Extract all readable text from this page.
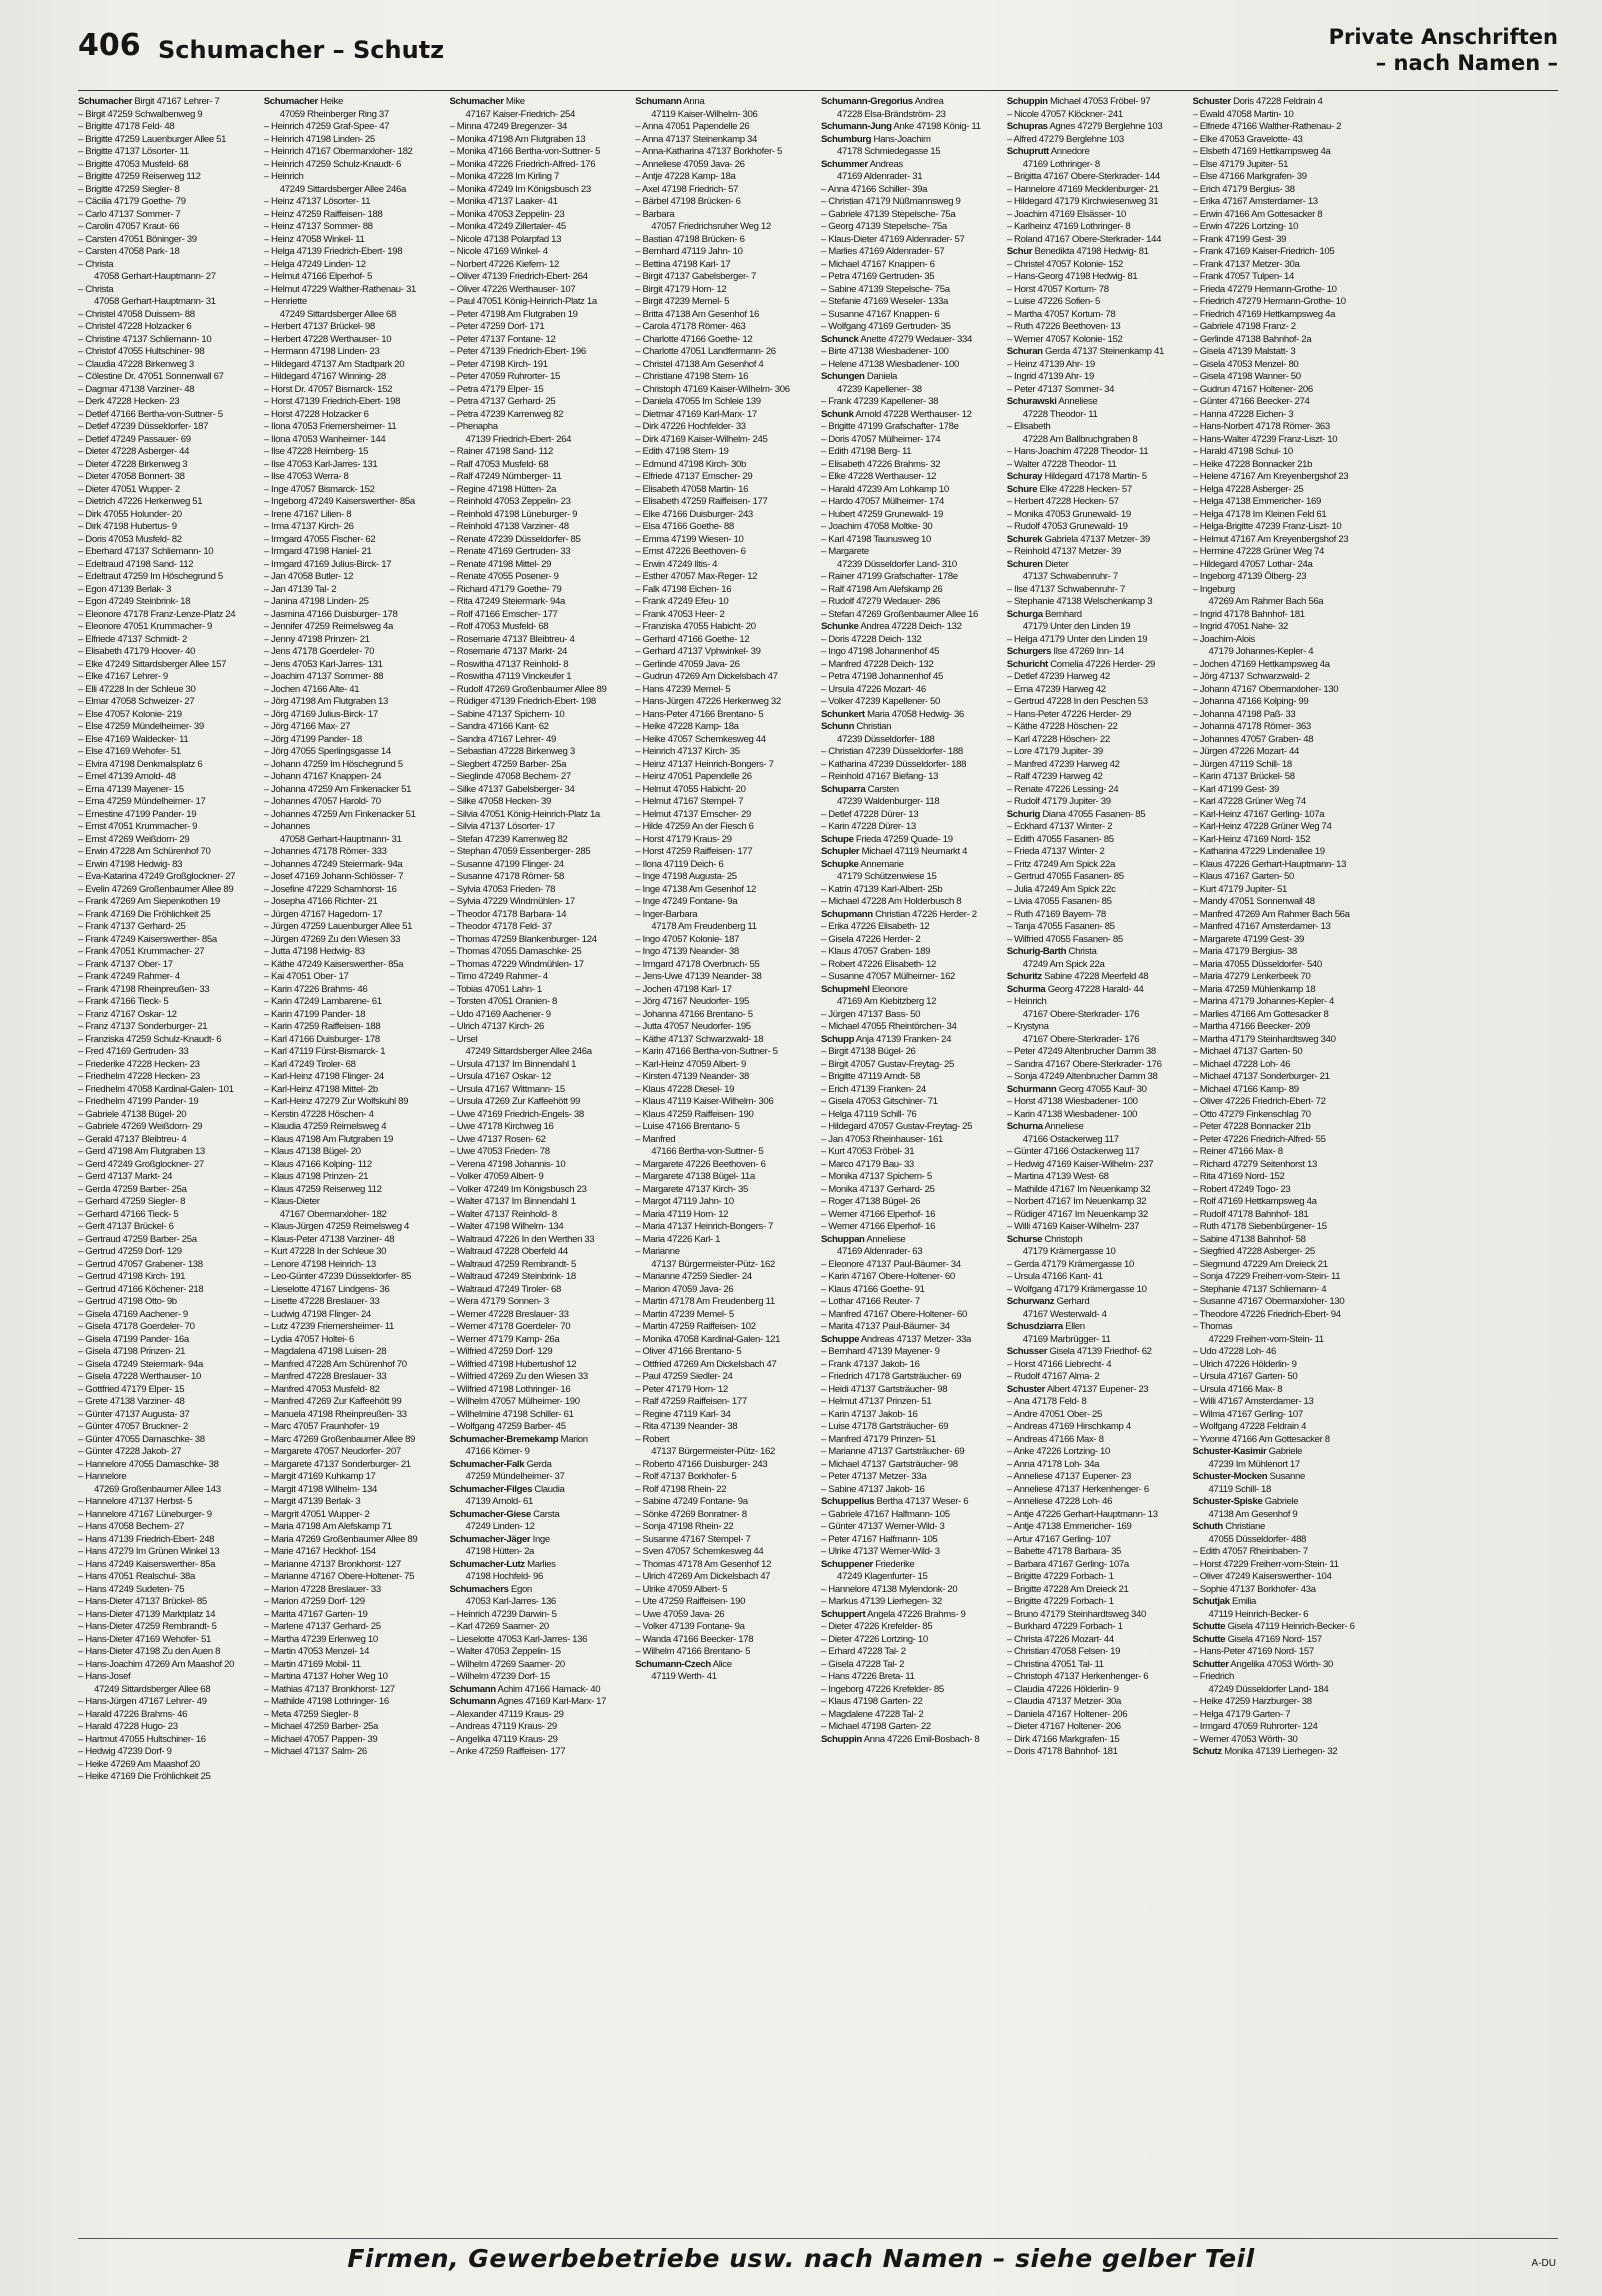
406 Schumacher – Schutz	Private Anschriften
– nach Namen –
Schumacher Birgit 47167 Lehrer- 7
– Birgit 47259 Schwalbenweg 9
– Brigitte 47178 Feld- 48
– Brigitte 47259 Lauenburger Allee 51
– Brigitte 47137 Lösorter- 11
– Brigitte 47053 Musfeld- 68
– Brigitte 47259 Reiserweg 112
– Brigitte 47259 Siegler- 8
– Cäcilia 47179 Goethe- 79
– Carlo 47137 Sommer- 7
– Carolin 47057 Kraut- 66
– Carsten 47051 Böninger- 39
– Carsten 47058 Park- 18
– Christa
47058 Gerhart-Hauptmann- 27
– Christa
47058 Gerhart-Hauptmann- 31
– Christel 47058 Duissern- 88
– Christel 47228 Holzacker 6
– Christine 47137 Schliemann- 10
– Christof 47055 Hultschiner- 98
– Claudia 47228 Birkenweg 3
– Cölestine Dr. 47051 Sonnenwall 67
– Dagmar 47138 Varziner- 48
– Derk 47228 Hecken- 23
– Detlef 47166 Bertha-von-Suttner- 5
– Detlef 47239 Düsseldorfer- 187
– Detlef 47249 Passauer- 69
– Dieter 47228 Asberger- 44
– Dieter 47228 Birkenweg 3
– Dieter 47058 Bonnert- 38
– Dieter 47051 Wupper- 2
– Dietrich 47226 Herkenweg 51
– Dirk 47055 Holunder- 20
– Dirk 47198 Hubertus- 9
– Doris 47053 Musfeld- 82
– Eberhard 47137 Schliemann- 10
– Edeltraud 47198 Sand- 112
– Edeltraut 47259 Im Höschegrund 5
– Egon 47139 Berlak- 3
– Egon 47249 Steinbrink- 18
– Eleonore 47178 Franz-Lenze-Platz 24
– Eleonore 47051 Krummacher- 9
– Elfriede 47137 Schmidt- 2
– Elisabeth 47179 Hoover- 40
– Elke 47249 Sittardsberger Allee 157
– Elke 47167 Lehrer- 9
– Elli 47228 In der Schleue 30
– Elmar 47058 Schweizer- 27
– Else 47057 Kolonie- 219
– Else 47259 Mündelheimer- 39
– Else 47169 Waldecker- 11
– Else 47169 Wehofer- 51
– Elvira 47198 Denkmalsplatz 6
– Emel 47139 Arnold- 48
– Erna 47139 Mayener- 15
– Erna 47259 Mündelheimer- 17
– Ernestine 47199 Pander- 19
– Ernst 47051 Krummacher- 9
– Ernst 47269 Weißdorn- 29
– Erwin 47228 Am Schürenhof 70
– Erwin 47198 Hedwig- 83
– Eva-Katarina 47249 Großglockner- 27
– Evelin 47269 Großenbaumer Allee 89
– Frank 47269 Am Siepenkothen 19
– Frank 47169 Die Fröhlichkeit 25
– Frank 47137 Gerhard- 25
– Frank 47249 Kaiserswerther- 85a
– Frank 47051 Krummacher- 27
– Frank 47137 Ober- 17
– Frank 47249 Rahmer- 4
– Frank 47198 Rheinpreußen- 33
– Frank 47166 Tieck- 5
– Franz 47167 Oskar- 12
– Franz 47137 Sonderburger- 21
– Franziska 47259 Schulz-Knaudt- 6
– Fred 47169 Gertruden- 33
– Friederike 47228 Hecken- 23
– Friedhelm 47228 Hecken- 23
– Friedhelm 47058 Kardinal-Galen- 101
– Friedhelm 47199 Pander- 19
– Gabriele 47138 Bügel- 20
– Gabriele 47269 Weißdorn- 29
– Gerald 47137 Bleibtreu- 4
– Gerd 47198 Am Flutgraben 13
– Gerd 47249 Großglockner- 27
– Gerd 47137 Markt- 24
– Gerda 47259 Barber- 25a
– Gerhard 47259 Siegler- 8
– Gerhard 47166 Tieck- 5
– Gerlt 47137 Brückel- 6
– Gertraud 47259 Barber- 25a
– Gertrud 47259 Dorf- 129
– Gertrud 47057 Grabener- 138
– Gertrud 47198 Kirch- 191
– Gertrud 47166 Köchener- 218
– Gertrud 47198 Otto- 9b
– Gisela 47169 Aachener- 9
– Gisela 47178 Goerdeler- 70
– Gisela 47199 Pander- 16a
– Gisela 47198 Prinzen- 21
– Gisela 47249 Steiermark- 94a
– Gisela 47228 Werthauser- 10
– Gottfried 47179 Elper- 15
– Grete 47138 Varziner- 48
– Günter 47137 Augusta- 37
– Günter 47057 Bruckner- 2
– Günter 47055 Damaschke- 38
– Günter 47228 Jakob- 27
– Hannelore 47055 Damaschke- 38
– Hannelore
47269 Großenbaumer Allee 143
– Hannelore 47137 Herbst- 5
– Hannelore 47167 Lüneburger- 9
– Hans 47058 Bechem- 27
– Hans 47139 Friedrich-Ebert- 248
– Hans 47279 Im Grünen Winkel 13
– Hans 47249 Kaiserswerther- 85a
– Hans 47051 Realschul- 38a
– Hans 47249 Sudeten- 75
– Hans-Dieter 47137 Brückel- 85
– Hans-Dieter 47139 Marktplatz 14
– Hans-Dieter 47259 Rembrandt- 5
– Hans-Dieter 47169 Wehofer- 51
– Hans-Dieter 47198 Zu den Auen 8
– Hans-Joachim 47269 Am Maashof 20
– Hans-Josef
47249 Sittardsberger Allee 68
– Hans-Jürgen 47167 Lehrer- 49
– Harald 47226 Brahms- 46
– Harald 47228 Hugo- 23
– Hartmut 47055 Hultschiner- 16
– Hedwig 47239 Dorf- 9
– Heike 47269 Am Maashof 20
– Heike 47169 Die Fröhlichkeit 25
Schumacher Heike
47059 Rheinberger Ring 37
– Heinrich 47259 Graf-Spee- 47
– Heinrich 47198 Linden- 25
– Heinrich 47167 Obermarxloher- 182
– Heinrich 47259 Schulz-Knaudt- 6
– Heinrich
47249 Sittardsberger Allee 246a
– Heinz 47137 Lösorter- 11
– Heinz 47259 Raiffeisen- 188
– Heinz 47137 Sommer- 88
– Heinz 47058 Winkel- 11
– Helga 47139 Friedrich-Ebert- 198
– Helga 47249 Linden- 12
– Helmut 47166 Elperhof- 5
– Helmut 47229 Walther-Rathenau- 31
– Henriette
47249 Sittardsberger Allee 68
– Herbert 47137 Brückel- 98
– Herbert 47228 Werthauser- 10
– Hermann 47198 Linden- 23
– Hildegard 47137 Am Stadtpark 20
– Hildegard 47167 Winning- 28
– Horst Dr. 47057 Bismarck- 152
– Horst 47139 Friedrich-Ebert- 198
– Horst 47228 Holzacker 6
– Ilona 47053 Friemersheimer- 11
– Ilona 47053 Wanheimer- 144
– Ilse 47228 Heimberg- 15
– Ilse 47053 Karl-Jarres- 131
– Ilse 47053 Werra- 8
– Inge 47057 Bismarck- 152
– Ingeborg 47249 Kaiserswerther- 85a
– Irene 47167 Lilien- 8
– Irma 47137 Kirch- 26
– Irmgard 47055 Fischer- 62
– Irmgard 47198 Haniel- 21
– Irmgard 47169 Julius-Birck- 17
– Jan 47058 Butler- 12
– Jan 47139 Tal- 2
– Janina 47198 Linden- 25
– Jasmina 47166 Duisburger- 178
– Jennifer 47259 Reimelsweg 4a
– Jenny 47198 Prinzen- 21
– Jens 47178 Goerdeler- 70
– Jens 47053 Karl-Jarres- 131
– Joachim 47137 Sommer- 88
– Jochen 47166 Alte- 41
– Jörg 47198 Am Flutgraben 13
– Jörg 47169 Julius-Birck- 17
– Jörg 47166 Max- 27
– Jörg 47199 Pander- 18
– Jörg 47055 Sperlingsgasse 14
– Johann 47259 Im Höschegrund 5
– Johann 47167 Knappen- 24
– Johanna 47259 Am Finkenacker 51
– Johannes 47057 Harold- 70
– Johannes 47259 Am Finkenacker 51
– Johannes
47058 Gerhart-Hauptmann- 31
– Johannes 47178 Römer- 333
– Johannes 47249 Steiermark- 94a
– Josef 47169 Johann-Schlösser- 7
– Josefine 47229 Scharnhorst- 16
– Josepha 47166 Richter- 21
– Jürgen 47167 Hagedorn- 17
– Jürgen 47259 Lauenburger Allee 51
– Jürgen 47269 Zu den Wiesen 33
– Jutta 47198 Hedwig- 83
– Käthe 47249 Kaiserswerther- 85a
– Kai 47051 Ober- 17
– Karin 47226 Brahms- 46
– Karin 47249 Lambarene- 61
– Karin 47199 Pander- 18
– Karin 47259 Raiffeisen- 188
– Karl 47166 Duisburger- 178
– Karl 47119 Fürst-Bismarck- 1
– Karl 47249 Tiroler- 68
– Karl-Heinz 47198 Flinger- 24
– Karl-Heinz 47198 Mittel- 2b
– Karl-Heinz 47279 Zur Wolfskuhl 89
– Kerstin 47228 Höschen- 4
– Klaudia 47259 Reimelsweg 4
– Klaus 47198 Am Flutgraben 19
– Klaus 47138 Bügel- 20
– Klaus 47166 Kolping- 112
– Klaus 47198 Prinzen- 21
– Klaus 47259 Reiserweg 112
– Klaus-Dieter
47167 Obermarxloher- 182
– Klaus-Jürgen 47259 Reimelsweg 4
– Klaus-Peter 47138 Varziner- 48
– Kurt 47228 In der Schleue 30
– Lenore 47198 Heinrich- 13
– Leo-Günter 47239 Düsseldorfer- 85
– Lieselotte 47167 Lindgens- 36
– Lisette 47228 Breslauer- 33
– Ludwig 47198 Flinger- 24
– Lutz 47239 Friemersheimer- 11
– Lydia 47057 Holtei- 6
– Magdalena 47198 Luisen- 28
– Manfred 47228 Am Schürenhof 70
– Manfred 47228 Breslauer- 33
– Manfred 47053 Musfeld- 82
– Manfred 47269 Zur Kaffeehött 99
– Manuela 47198 Rheinpreußen- 33
– Marc 47057 Fraunhofer- 19
– Marc 47269 Großenbaumer Allee 89
– Margarete 47057 Neudorfer- 207
– Margarete 47137 Sonderburger- 21
– Margit 47169 Kuhkamp 17
– Margit 47198 Wilhelm- 134
– Margit 47139 Berlak- 3
– Margrit 47051 Wupper- 2
– Maria 47198 Am Alefskamp 71
– Maria 47269 Großenbaumer Allee 89
– Marie 47167 Heckhof- 154
– Marianne 47137 Bronkhorst- 127
– Marianne 47167 Obere-Holtener- 75
– Marion 47228 Breslauer- 33
– Marion 47259 Dorf- 129
– Marita 47167 Garten- 19
– Marlene 47137 Gerhard- 25
– Martha 47239 Erlenweg 10
– Martin 47053 Menzel- 14
– Martin 47169 Mobil- 11
– Martina 47137 Hoher Weg 10
– Mathias 47137 Bronkhorst- 127
– Mathilde 47198 Lothringer- 16
– Meta 47259 Siegler- 8
– Michael 47259 Barber- 25a
– Michael 47057 Pappen- 39
– Michael 47137 Salm- 26
Schumacher Mike
47167 Kaiser-Friedrich- 254
– Minna 47249 Bregenzer- 34
– Monika 47198 Am Flutgraben 13
– Monika 47166 Bertha-von-Suttner- 5
– Monika 47226 Friedrich-Alfred- 176
– Monika 47228 Im Kirling 7
– Monika 47249 Im Königsbusch 23
– Monika 47137 Laaker- 41
– Monika 47053 Zeppelin- 23
– Monika 47249 Zillertaler- 45
– Nicole 47138 Polarpfad 13
– Nicole 47169 Winkel- 4
– Norbert 47226 Kiefern- 12
– Oliver 47139 Friedrich-Ebert- 264
– Oliver 47226 Werthauser- 107
– Paul 47051 König-Heinrich-Platz 1a
– Peter 47198 Am Flutgraben 19
– Peter 47259 Dorf- 171
– Peter 47137 Fontane- 12
– Peter 47139 Friedrich-Ebert- 196
– Peter 47198 Kirch- 191
– Peter 47059 Ruhrorter- 15
– Petra 47179 Elper- 15
– Petra 47137 Gerhard- 25
– Petra 47239 Karrenweg 82
– Phenapha
47139 Friedrich-Ebert- 264
– Rainer 47198 Sand- 112
– Ralf 47053 Musfeld- 68
– Ralf 47249 Nürnberger- 11
– Regine 47198 Hütten- 2a
– Reinhold 47053 Zeppelin- 23
– Reinhold 47198 Lüneburger- 9
– Reinhold 47138 Varziner- 48
– Renate 47239 Düsseldorfer- 85
– Renate 47169 Gertruden- 33
– Renate 47198 Mittel- 29
– Renate 47055 Posener- 9
– Richard 47179 Goethe- 79
– Rita 47249 Steiermark- 94a
– Rolf 47166 Emscher- 177
– Rolf 47053 Musfeld- 68
– Rosemarie 47137 Bleibtreu- 4
– Rosemarie 47137 Markt- 24
– Roswitha 47137 Reinhold- 8
– Roswitha 47119 Vinckeufer 1
– Rudolf 47269 Großenbaumer Allee 89
– Rüdiger 47139 Friedrich-Ebert- 198
– Sabine 47137 Spichern- 10
– Sandra 47166 Kant- 62
– Sandra 47167 Lehrer- 49
– Sebastian 47228 Birkenweg 3
– Siegbert 47259 Barber- 25a
– Sieglinde 47058 Bechem- 27
– Silke 47137 Gabelsberger- 34
– Silke 47058 Hecken- 39
– Silvia 47051 König-Heinrich-Platz 1a
– Silvia 47137 Lösorter- 17
– Stefan 47239 Karrenweg 82
– Stephan 47059 Essenberger- 285
– Susanne 47199 Flinger- 24
– Susanne 47178 Römer- 58
– Sylvia 47053 Frieden- 78
– Sylvia 47229 Windmühlen- 17
– Theodor 47178 Barbara- 14
– Theodor 47178 Feld- 37
– Thomas 47259 Blankenburger- 124
– Thomas 47055 Damaschke- 25
– Thomas 47229 Windmühlen- 17
– Timo 47249 Rahmer- 4
– Tobias 47051 Lahn- 1
– Torsten 47051 Oranien- 8
– Udo 47169 Aachener- 9
– Ulrich 47137 Kirch- 26
– Ursel
47249 Sittardsberger Allee 246a
– Ursula 47137 Im Binnendahl 1
– Ursula 47167 Oskar- 12
– Ursula 47167 Wittmann- 15
– Ursula 47269 Zur Kaffeehött 99
– Uwe 47169 Friedrich-Engels- 38
– Uwe 47178 Kirchweg 16
– Uwe 47137 Rosen- 62
– Uwe 47053 Frieden- 78
– Verena 47198 Johannis- 10
– Volker 47059 Albert- 9
– Volker 47249 Im Königsbusch 23
– Walter 47137 Im Binnendahl 1
– Walter 47137 Reinhold- 8
– Walter 47198 Wilhelm- 134
– Waltraud 47226 In den Werthen 33
– Waltraud 47228 Oberfeld 44
– Waltraud 47259 Rembrandt- 5
– Waltraud 47249 Steinbrink- 18
– Waltraud 47249 Tiroler- 68
– Wera 47179 Sonnen- 3
– Werner 47228 Breslauer- 33
– Werner 47178 Goerdeler- 70
– Werner 47179 Kamp- 26a
– Wilfried 47259 Dorf- 129
– Wilfried 47198 Hubertushof 12
– Wilfried 47269 Zu den Wiesen 33
– Wilfried 47198 Lothringer- 16
– Wilhelm 47057 Mülheimer- 190
– Wilhelmine 47198 Schiller- 61
– Wolfgang 47259 Barber- 45
Schumacher-Bremekamp Marion
47166 Körner- 9
Schumacher-Falk Gerda
47259 Mündelheimer- 37
Schumacher-Filges Claudia
47139 Arnold- 61
Schumacher-Giese Carsta
47249 Linden- 12
Schumacher-Jäger Inge
47198 Hütten- 2a
Schumacher-Lutz Marlies
47198 Hochfeld- 96
Schumachers Egon
47053 Karl-Jarres- 136
– Heinrich 47239 Darwin- 5
– Karl 47269 Saarner- 20
– Lieselotte 47053 Karl-Jarres- 136
– Walter 47053 Zeppelin- 15
– Wilhelm 47269 Saarner- 20
– Wilhelm 47239 Dorf- 15
Schumann Achim 47166 Hamack- 40
Schumann Agnes 47169 Karl-Marx- 17
– Alexander 47119 Kraus- 29
– Andreas 47119 Kraus- 29
– Angelika 47119 Kraus- 29
– Anke 47259 Raiffeisen- 177
Schumann Anna
47119 Kaiser-Wilhelm- 306
– Anna 47051 Papendelle 26
– Anna 47137 Steinenkamp 34
– Anna-Katharina 47137 Borkhofer- 5
– Anneliese 47059 Java- 26
– Antje 47228 Kamp- 18a
– Axel 47198 Friedrich- 57
– Bärbel 47198 Brücken- 6
– Barbara
47057 Friedrichsruher Weg 12
– Bastian 47198 Brücken- 6
– Bernhard 47119 Jahn- 10
– Bettina 47198 Karl- 17
– Birgit 47137 Gabelsberger- 7
– Birgit 47179 Horn- 12
– Birgit 47239 Memel- 5
– Britta 47138 Am Gesenhof 16
– Carola 47178 Römer- 463
– Charlotte 47166 Goethe- 12
– Charlotte 47051 Landfermann- 26
– Christel 47138 Am Gesenhof 4
– Christiane 47198 Stern- 16
– Christoph 47169 Kaiser-Wilhelm- 306
– Daniela 47055 Im Schleie 139
– Dietmar 47169 Karl-Marx- 17
– Dirk 47226 Hochfelder- 33
– Dirk 47169 Kaiser-Wilhelm- 245
– Edith 47198 Stern- 19
– Edmund 47198 Kirch- 30b
– Elfriede 47137 Emscher- 29
– Elisabeth 47058 Martin- 16
– Elisabeth 47259 Raiffeisen- 177
– Elke 47166 Duisburger- 243
– Elsa 47166 Goethe- 88
– Emma 47199 Wiesen- 10
– Ernst 47226 Beethoven- 6
– Erwin 47249 Iltis- 4
– Esther 47057 Max-Reger- 12
– Falk 47198 Eichen- 16
– Frank 47249 Efeu- 10
– Frank 47053 Heer- 2
– Franziska 47055 Habicht- 20
– Gerhard 47166 Goethe- 12
– Gerhard 47137 Vphwinkel- 39
– Gerlinde 47059 Java- 26
– Gudrun 47269 Am Dickelsbach 47
– Hans 47239 Memel- 5
– Hans-Jürgen 47226 Herkenweg 32
– Hans-Peter 47166 Brentano- 5
– Heike 47228 Kamp- 18a
– Heike 47057 Schemkesweg 44
– Heinrich 47137 Kirch- 35
– Heinz 47137 Heinrich-Bongers- 7
– Heinz 47051 Papendelle 26
– Helmut 47055 Habicht- 20
– Helmut 47167 Stempel- 7
– Helmut 47137 Emscher- 29
– Hilde 47259 An der Fiesch 6
– Horst 47179 Kraus- 29
– Horst 47259 Raiffeisen- 177
– Ilona 47119 Deich- 6
– Inge 47198 Augusta- 25
– Inge 47138 Am Gesenhof 12
– Inge 47249 Fontane- 9a
– Inger-Barbara
47178 Am Freudenberg 11
– Ingo 47057 Kolonie- 187
– Ingo 47139 Neander- 38
– Irmgard 47178 Overbruch- 55
– Jens-Uwe 47139 Neander- 38
– Jochen 47198 Karl- 17
– Jörg 47167 Neudorfer- 195
– Johanna 47166 Brentano- 5
– Jutta 47057 Neudorfer- 195
– Käthe 47137 Schwarzwald- 18
– Karin 47166 Bertha-von-Suttner- 5
– Karl-Heinz 47059 Albert- 9
– Kirsten 47139 Neander- 38
– Klaus 47228 Diesel- 19
– Klaus 47119 Kaiser-Wilhelm- 306
– Klaus 47259 Raiffeisen- 190
– Luise 47166 Brentano- 5
– Manfred
47166 Bertha-von-Suttner- 5
– Margarete 47226 Beethoven- 6
– Margarete 47138 Bügel- 11a
– Margarete 47137 Kirch- 35
– Margot 47119 Jahn- 10
– Maria 47119 Horn- 12
– Maria 47137 Heinrich-Bongers- 7
– Maria 47226 Karl- 1
– Marianne
47137 Bürgermeister-Pütz- 162
– Marianne 47259 Siedler- 24
– Marion 47059 Java- 26
– Martin 47178 Am Freudenberg 11
– Martin 47239 Memel- 5
– Martin 47259 Raiffeisen- 102
– Monika 47058 Kardinal-Galen- 121
– Oliver 47166 Brentano- 5
– Ottfried 47269 Am Dickelsbach 47
– Paul 47259 Siedler- 24
– Peter 47179 Horn- 12
– Ralf 47259 Raiffeisen- 177
– Regine 47119 Karl- 34
– Rita 47139 Neander- 38
– Robert
47137 Bürgermeister-Pütz- 162
– Roberto 47166 Duisburger- 243
– Rolf 47137 Borkhofer- 5
– Rolf 47198 Rhein- 22
– Sabine 47249 Fontane- 9a
– Sönke 47269 Bonratner- 8
– Sonja 47198 Rhein- 22
– Susanne 47167 Stempel- 7
– Sven 47057 Schemkesweg 44
– Thomas 47178 Am Gesenhof 12
– Ulrich 47269 Am Dickelsbach 47
– Ulrike 47059 Albert- 5
– Ute 47259 Raiffeisen- 190
– Uwe 47059 Java- 26
– Volker 47139 Fontane- 9a
– Wanda 47166 Beecker- 178
– Wilhelm 47166 Brentano- 5
Schumann-Czech Alice
47119 Werth- 41
Schumann-Gregorius Andrea
47228 Elsa-Brändström- 23
Schumann-Jung Anke 47198 König- 11
Schumburg Hans-Joachim
47178 Schmiedegasse 15
Schummer Andreas
47169 Aldenrader- 31
– Anna 47166 Schiller- 39a
– Christian 47179 Nüßmannsweg 9
– Gabriele 47139 Stepelsche- 75a
– Georg 47139 Stepelsche- 75a
– Klaus-Dieter 47169 Aldenrader- 57
– Marlies 47169 Aldenrader- 57
– Michael 47167 Knappen- 6
– Petra 47169 Gertruden- 35
– Sabine 47139 Stepelsche- 75a
– Stefanie 47169 Weseler- 133a
– Susanne 47167 Knappen- 6
– Wolfgang 47169 Gertruden- 35
Schunck Anette 47279 Wedauer- 334
– Birte 47138 Wiesbadener- 100
– Helene 47138 Wiesbadener- 100
Schungen Daniela
47239 Kapellener- 38
– Frank 47239 Kapellener- 38
Schunk Arnold 47228 Werthauser- 12
– Brigitte 47199 Grafschafter- 178e
– Doris 47057 Mülheimer- 174
– Edith 47198 Berg- 11
– Elisabeth 47226 Brahms- 32
– Elke 47228 Werthauser- 12
– Harald 47239 Am Lohkamp 10
– Hardo 47057 Mülheimer- 174
– Hubert 47259 Grunewald- 19
– Joachim 47058 Moltke- 30
– Karl 47198 Taunusweg 10
– Margarete
47239 Düsseldorfer Land- 310
– Rainer 47199 Grafschafter- 178e
– Ralf 47198 Am Alefskamp 26
– Rudolf 47279 Wedauer- 286
– Stefan 47269 Großenbaumer Allee 16
Schunke Andrea 47228 Deich- 132
– Doris 47228 Deich- 132
– Ingo 47198 Johannenhof 45
– Manfred 47228 Deich- 132
– Petra 47198 Johannenhof 45
– Ursula 47226 Mozart- 46
– Volker 47239 Kapellener- 50
Schunkert Maria 47058 Hedwig- 36
Schunn Christian
47239 Düsseldorfer- 188
– Christian 47239 Düsseldorfer- 188
– Katharina 47239 Düsseldorfer- 188
– Reinhold 47167 Biefang- 13
Schuparra Carsten
47239 Waldenburger- 118
– Detlef 47228 Dürer- 13
– Karin 47228 Dürer- 13
Schupe Frieda 47259 Quade- 19
Schupler Michael 47119 Neumarkt 4
Schupke Annemarie
47179 Schützenwiese 15
– Katrin 47139 Karl-Albert- 25b
– Michael 47228 Am Holderbusch 8
Schupmann Christian 47226 Herder- 2
– Erika 47226 Elisabeth- 12
– Gisela 47226 Herder- 2
– Klaus 47057 Graben- 189
– Robert 47226 Elisabeth- 12
– Susanne 47057 Mülheimer- 162
Schupmehl Eleonore
47169 Am Kiebitzberg 12
– Jürgen 47137 Bass- 50
– Michael 47055 Rheintörchen- 34
Schupp Anja 47139 Franken- 24
– Birgit 47138 Bügel- 26
– Birgit 47057 Gustav-Freytag- 25
– Brigitte 47119 Arndt- 58
– Erich 47139 Franken- 24
– Gisela 47053 Gitschiner- 71
– Helga 47119 Schill- 76
– Hildegard 47057 Gustav-Freytag- 25
– Jan 47053 Rheinhauser- 161
– Kurt 47053 Fröbel- 31
– Marco 47179 Bau- 33
– Monika 47137 Spichern- 5
– Monika 47137 Gerhard- 25
– Roger 47138 Bügel- 26
– Werner 47166 Elperhof- 16
– Werner 47166 Elperhof- 16
Schuppan Anneliese
47169 Aldenrader- 63
– Eleonore 47137 Paul-Bäumer- 34
– Karin 47167 Obere-Holtener- 60
– Klaus 47166 Goethe- 91
– Lothar 47166 Reuter- 7
– Manfred 47167 Obere-Holtener- 60
– Marita 47137 Paul-Bäumer- 34
Schuppe Andreas 47137 Metzer- 33a
– Bernhard 47139 Mayener- 9
– Frank 47137 Jakob- 16
– Friedrich 47178 Gartsträucher- 69
– Heidi 47137 Gartsträucher- 98
– Helmut 47137 Prinzen- 51
– Karin 47137 Jakob- 16
– Luise 47178 Gartsträucher- 69
– Manfred 47179 Prinzen- 51
– Marianne 47137 Gartsträucher- 69
– Michael 47137 Gartsträucher- 98
– Peter 47137 Metzer- 33a
– Sabine 47137 Jakob- 16
Schuppelius Bertha 47137 Weser- 6
– Gabriele 47167 Halfmann- 105
– Günter 47137 Werner-Wild- 3
– Peter 47167 Halfmann- 105
– Ulrike 47137 Werner-Wild- 3
Schuppener Friederike
47249 Klagenfurter- 15
– Hannelore 47138 Mylendonk- 20
– Markus 47139 Lierhegen- 32
Schuppert Angela 47226 Brahms- 9
– Dieter 47226 Krefelder- 85
– Dieter 47226 Lortzing- 10
– Erhard 47228 Tal- 2
– Gisela 47228 Tal- 2
– Hans 47226 Breta- 11
– Ingeborg 47226 Krefelder- 85
– Klaus 47198 Garten- 22
– Magdalene 47228 Tal- 2
– Michael 47198 Garten- 22
Schuppin Anna 47226 Emil-Bosbach- 8
Schuppin Michael 47053 Fröbel- 97
– Nicole 47057 Klöckner- 241
Schupras Agnes 47279 Berglehne 103
– Alfred 47279 Berglehne 103
Schuprutt Annedore
47169 Lothringer- 8
– Brigitta 47167 Obere-Sterkrader- 144
– Hannelore 47169 Mecklenburger- 21
– Hildegard 47179 Kirchwiesenweg 31
– Joachim 47169 Elsässer- 10
– Karlheinz 47169 Lothringer- 8
– Roland 47167 Obere-Sterkrader- 144
Schur Benedikta 47198 Hedwig- 81
– Christel 47057 Kolonie- 152
– Hans-Georg 47198 Hedwig- 81
– Horst 47057 Kortum- 78
– Luise 47226 Sofien- 5
– Martha 47057 Kortum- 78
– Ruth 47226 Beethoven- 13
– Werner 47057 Kolonie- 152
Schuran Gerda 47137 Steinenkamp 41
– Heinz 47139 Ahr- 19
– Ingrid 47139 Ahr- 19
– Peter 47137 Sommer- 34
Schurawski Anneliese
47228 Theodor- 11
– Elisabeth
47228 Am Ballbruchgraben 8
– Hans-Joachim 47228 Theodor- 11
– Walter 47228 Theodor- 11
Schuray Hildegard 47178 Martin- 5
Schure Elke 47228 Hecken- 57
– Herbert 47228 Hecken- 57
– Monika 47053 Grunewald- 19
– Rudolf 47053 Grunewald- 19
Schurek Gabriela 47137 Metzer- 39
– Reinhold 47137 Metzer- 39
Schuren Dieter
47137 Schwabenruhr- 7
– Ilse 47137 Schwabenruhr- 7
– Stephanie 47138 Welschenkamp 3
Schurga Bernhard
47179 Unter den Linden 19
– Helga 47179 Unter den Linden 19
Schurgers Ilse 47269 Inn- 14
Schuricht Cornelia 47226 Herder- 29
– Detlef 47239 Harweg 42
– Erna 47239 Harweg 42
– Gertrud 47228 In den Peschen 53
– Hans-Peter 47226 Herder- 29
– Käthe 47228 Höschen- 22
– Karl 47228 Höschen- 22
– Lore 47179 Jupiter- 39
– Manfred 47239 Harweg 42
– Ralf 47239 Harweg 42
– Renate 47226 Lessing- 24
– Rudolf 47179 Jupiter- 39
Schurig Diana 47055 Fasanen- 85
– Eckhard 47137 Winter- 2
– Edith 47055 Fasanen- 85
– Frieda 47137 Winter- 2
– Fritz 47249 Am Spick 22a
– Gertrud 47055 Fasanen- 85
– Julia 47249 Am Spick 22c
– Livia 47055 Fasanen- 85
– Ruth 47169 Bayern- 78
– Tanja 47055 Fasanen- 85
– Wilfried 47055 Fasanen- 85
Schurig-Barth Christa
47249 Am Spick 22a
Schuritz Sabine 47228 Meerfeld 48
Schurma Georg 47228 Harald- 44
– Heinrich
47167 Obere-Sterkrader- 176
– Krystyna
47167 Obere-Sterkrader- 176
– Peter 47249 Altenbrucher Damm 38
– Sandra 47167 Obere-Sterkrader- 176
– Sonja 47249 Altenbrucher Damm 38
Schurmann Georg 47055 Kauf- 30
– Horst 47138 Wiesbadener- 100
– Karin 47138 Wiesbadener- 100
Schurna Anneliese
47166 Ostackerweg 117
– Günter 47166 Ostackerweg 117
– Hedwig 47169 Kaiser-Wilhelm- 237
– Martina 47139 West- 68
– Mathilde 47167 Im Neuenkamp 32
– Norbert 47167 Im Neuenkamp 32
– Rüdiger 47167 Im Neuenkamp 32
– Willi 47169 Kaiser-Wilhelm- 237
Schurse Christoph
47179 Krämergasse 10
– Gerda 47179 Krämergasse 10
– Ursula 47166 Kant- 41
– Wolfgang 47179 Krämergasse 10
Schurwanz Gerhard
47167 Westerwald- 4
Schusdziarra Ellen
47169 Marbrügger- 11
Schusser Gisela 47139 Friedhof- 62
– Horst 47166 Liebrecht- 4
– Rudolf 47167 Alma- 2
Schuster Albert 47137 Eupener- 23
– Ana 47178 Feld- 8
– Andre 47051 Ober- 25
– Andreas 47169 Hirschkamp 4
– Andreas 47166 Max- 8
– Anke 47226 Lortzing- 10
– Anna 47178 Loh- 34a
– Anneliese 47137 Eupener- 23
– Anneliese 47137 Herkenhenger- 6
– Anneliese 47228 Loh- 46
– Antje 47226 Gerhart-Hauptmann- 13
– Antje 47138 Emmericher- 169
– Artur 47167 Gerling- 107
– Babette 47178 Barbara- 35
– Barbara 47167 Gerling- 107a
– Brigitte 47229 Forbach- 1
– Brigitte 47228 Am Dreieck 21
– Brigitte 47229 Forbach- 1
– Bruno 47179 Steinhardtsweg 340
– Burkhard 47229 Forbach- 1
– Christa 47226 Mozart- 44
– Christian 47058 Felsen- 19
– Christina 47051 Tal- 11
– Christoph 47137 Herkenhenger- 6
– Claudia 47226 Hölderlin- 9
– Claudia 47137 Metzer- 30a
– Daniela 47167 Holtener- 206
– Dieter 47167 Holtener- 206
– Dirk 47166 Markgrafen- 15
– Doris 47178 Bahnhof- 181
Schuster Doris 47228 Feldrain 4
– Ewald 47058 Martin- 10
– Elfriede 47166 Walther-Rathenau- 2
– Elke 47053 Gravelotte- 43
– Elsbeth 47169 Hettkampsweg 4a
– Else 47179 Jupiter- 51
– Else 47166 Markgrafen- 39
– Erich 47179 Bergius- 38
– Erika 47167 Amsterdamer- 13
– Erwin 47166 Am Gottesacker 8
– Erwin 47226 Lortzing- 10
– Frank 47199 Gest- 39
– Frank 47169 Kaiser-Friedrich- 105
– Frank 47137 Metzer- 30a
– Frank 47057 Tulpen- 14
– Frieda 47279 Hermann-Grothe- 10
– Friedrich 47279 Hermann-Grothe- 10
– Friedrich 47169 Hettkampsweg 4a
– Gabriele 47198 Franz- 2
– Gerlinde 47138 Bahnhof- 2a
– Gisela 47139 Malstatt- 3
– Gisela 47053 Menzel- 80
– Gisela 47198 Wanner- 50
– Gudrun 47167 Holtener- 206
– Günter 47166 Beecker- 274
– Hanna 47228 Eichen- 3
– Hans-Norbert 47178 Römer- 363
– Hans-Walter 47239 Franz-Liszt- 10
– Harald 47198 Schul- 10
– Heike 47228 Bonnacker 21b
– Helene 47167 Am Kreyenbergshof 23
– Helga 47228 Asberger- 25
– Helga 47138 Emmericher- 169
– Helga 47178 Im Kleinen Feld 61
– Helga-Brigitte 47239 Franz-Liszt- 10
– Helmut 47167 Am Kreyenbergshof 23
– Hermine 47228 Grüner Weg 74
– Hildegard 47057 Lothar- 24a
– Ingeborg 47139 Ölberg- 23
– Ingeburg
47269 Am Rahmer Bach 56a
– Ingrid 47178 Bahnhof- 181
– Ingrid 47051 Nahe- 32
– Joachim-Alois
47179 Johannes-Kepler- 4
– Jochen 47169 Hettkampsweg 4a
– Jörg 47137 Schwarzwald- 2
– Johann 47167 Obermarxloher- 130
– Johanna 47166 Kolping- 99
– Johanna 47198 Paß- 33
– Johanna 47178 Römer- 363
– Johannes 47057 Graben- 48
– Jürgen 47226 Mozart- 44
– Jürgen 47119 Schill- 18
– Karin 47137 Brückel- 58
– Karl 47199 Gest- 39
– Karl 47228 Grüner Weg 74
– Karl-Heinz 47167 Gerling- 107a
– Karl-Heinz 47228 Grüner Weg 74
– Karl-Heinz 47169 Nord- 152
– Katharina 47229 Lindenallee 19
– Klaus 47226 Gerhart-Hauptmann- 13
– Klaus 47167 Garten- 50
– Kurt 47179 Jupiter- 51
– Mandy 47051 Sonnenwall 48
– Manfred 47269 Am Rahmer Bach 56a
– Manfred 47167 Amsterdamer- 13
– Margarete 47199 Gest- 39
– Maria 47179 Bergius- 38
– Maria 47055 Düsseldorfer- 540
– Maria 47279 Lenkerbeek 70
– Maria 47259 Mühlenkamp 18
– Marina 47179 Johannes-Kepler- 4
– Marlies 47166 Am Gottesacker 8
– Martha 47166 Beecker- 209
– Martha 47179 Steinhardtsweg 340
– Michael 47137 Garten- 50
– Michael 47228 Loh- 46
– Michael 47137 Sonderburger- 21
– Michael 47166 Kamp- 89
– Oliver 47226 Friedrich-Ebert- 72
– Otto 47279 Finkenschlag 70
– Peter 47228 Bonnacker 21b
– Peter 47226 Friedrich-Alfred- 55
– Reiner 47166 Max- 8
– Richard 47279 Seitenhorst 13
– Rita 47169 Nord- 152
– Robert 47249 Togo- 23
– Rolf 47169 Hettkampsweg 4a
– Rudolf 47178 Bahnhof- 181
– Ruth 47178 Siebenbürgener- 15
– Sabine 47138 Bahnhof- 58
– Siegfried 47228 Asberger- 25
– Siegmund 47229 Am Dreieck 21
– Sonja 47229 Freiherr-vom-Stein- 11
– Stephanie 47137 Schliemann- 4
– Susanne 47167 Obermarxloher- 130
– Theodore 47226 Friedrich-Ebert- 94
– Thomas
47229 Freiherr-vom-Stein- 11
– Udo 47228 Loh- 46
– Ulrich 47226 Hölderlin- 9
– Ursula 47167 Garten- 50
– Ursula 47166 Max- 8
– Willi 47167 Amsterdamer- 13
– Wilma 47167 Gerling- 107
– Wolfgang 47228 Feldrain 4
– Yvonne 47166 Am Gottesacker 8
Schuster-Kasimir Gabriele
47239 Im Mühlenort 17
Schuster-Mocken Susanne
47119 Schill- 18
Schuster-Spiske Gabriele
47138 Am Gesenhof 9
Schuth Christiane
47055 Düsseldorfer- 488
– Edith 47057 Rheinbaben- 7
– Horst 47229 Freiherr-vom-Stein- 11
– Oliver 47249 Kaiserswerther- 104
– Sophie 47137 Borkhofer- 43a
Schutjak Emilia
47119 Heinrich-Becker- 6
Schutte Gisela 47119 Heinrich-Becker- 6
Schutte Gisela 47169 Nord- 157
– Hans-Peter 47169 Nord- 157
Schutter Angelika 47053 Wörth- 30
– Friedrich
47249 Düsseldorfer Land- 184
– Heike 47259 Harzburger- 38
– Helga 47179 Garten- 7
– Irmgard 47059 Ruhrorter- 124
– Werner 47053 Wörth- 30
Schutz Monika 47139 Lierhegen- 32
Firmen, Gewerbebetriebe usw. nach Namen – siehe gelber Teil	A-DU
